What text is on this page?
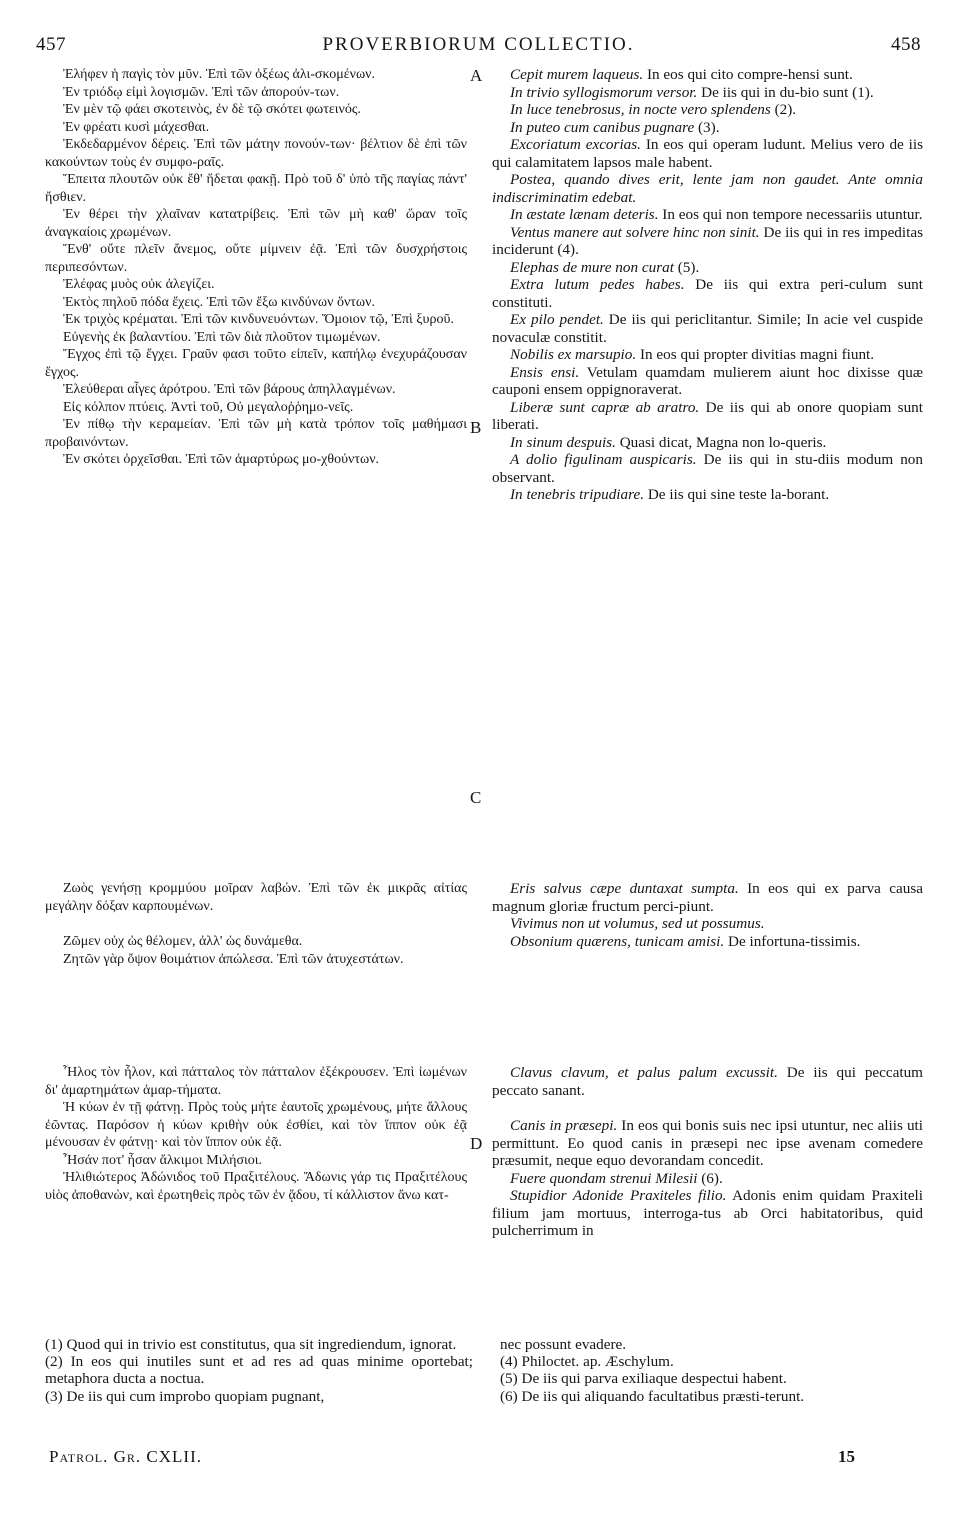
457	PROVERBIORUM COLLECTIO.	458

Ἐλήφεν ἡ παγὶς τὸν μῦν. Ἐπὶ τῶν ὀξέως ἀλι-σκομένων.

Ἐν τριόδῳ εἰμὶ λογισμῶν. Ἐπὶ τῶν ἀπορούν-των.

Ἐν μὲν τῷ φάει σκοτεινὸς, ἐν δὲ τῷ σκότει φωτεινός.

Ἐν φρέατι κυσὶ μάχεσθαι.

Ἐκδεδαρμένον δέρεις. Ἐπὶ τῶν μάτην πονούν-των· βέλτιον δὲ ἐπὶ τῶν κακούντων τοὺς ἐν συμφο-ραῖς.

Ἔπειτα πλουτῶν οὐκ ἔθ' ἥδεται φακῇ. Πρὸ τοῦ δ' ὑπὸ τῆς παγίας πάντ' ἤσθιεν.

Ἐν θέρει τὴν χλαῖναν κατατρίβεις. Ἐπὶ τῶν μὴ καθ' ὥραν τοῖς ἀναγκαίοις χρωμένων.

Ἔνθ' οὔτε πλεῖν ἄνεμος, οὔτε μίμνειν ἐᾷ. Ἐπὶ τῶν δυσχρήστοις περιπεσόντων.

Ἐλέφας μυὸς οὐκ ἀλεγίζει.

Ἐκτὸς πηλοῦ πόδα ἔχεις. Ἐπὶ τῶν ἔξω κινδύνων ὄντων.

Ἐκ τριχὸς κρέμαται. Ἐπὶ τῶν κινδυνευόντων. Ὅμοιον τῷ, Ἐπὶ ξυροῦ.

Εὐγενὴς ἐκ βαλαντίου. Ἐπὶ τῶν διὰ πλοῦτον τιμωμένων.

Ἔγχος ἐπὶ τῷ ἔγχει. Γραῦν φασι τοῦτο εἰπεῖν, καπήλῳ ἐνεχυράζουσαν ἔγχος.

Ἐλεύθεραι αἶγες ἀρότρου. Ἐπὶ τῶν βάρους ἀπηλλαγμένων.

Εἰς κόλπον πτύεις. Ἀντὶ τοῦ, Οὐ μεγαλοῤῥημο-νεῖς.

Ἐν πίθῳ τὴν κεραμείαν. Ἐπὶ τῶν μὴ κατὰ τρόπον τοῖς μαθήμασι προβαινόντων.

Ἐν σκότει ὀρχεῖσθαι. Ἐπὶ τῶν ἀμαρτύρως μο-χθούντων.

Cepit murem laqueus. In eos qui cito compre-hensi sunt.

In trivio syllogismorum versor. De iis qui in du-bio sunt (1).

In luce tenebrosus, in nocte vero splendens (2).

In puteo cum canibus pugnare (3).

Excoriatum excorias. In eos qui operam ludunt. Melius vero de iis qui calamitatem lapsos male habent.

Postea, quando dives erit, lente jam non gaudet. Ante omnia indiscriminatim edebat.

In æstate lænam deteris. In eos qui non tempore necessariis utuntur.

Ventus manere aut solvere hinc non sinit. De iis qui in res impeditas inciderunt (4).

Elephas de mure non curat (5).

Extra lutum pedes habes. De iis qui extra peri-culum sunt constituti.

Ex pilo pendet. De iis qui periclitantur. Simile; In acie vel cuspide novaculæ constitit.

Nobilis ex marsupio. In eos qui propter divitias magni fiunt.

Ensis ensi. Vetulam quamdam mulierem aiunt hoc dixisse quæ cauponi ensem oppignoraverat.

Liberæ sunt capræ ab aratro. De iis qui ab onore quopiam sunt liberati.

In sinum despuis. Quasi dicat, Magna non lo-queris.

A dolio figulinam auspicaris. De iis qui in stu-diis modum non observant.

In tenebris tripudiare. De iis qui sine teste la-borant.

A
B
C
D

Ζωὸς γενήσῃ κρομμύου μοῖραν λαβών. Ἐπὶ τῶν ἐκ μικρᾶς αἰτίας μεγάλην δόξαν καρπουμένων.

Ζῶμεν οὐχ ὡς θέλομεν, ἀλλ' ὡς δυνάμεθα.

Ζητῶν γὰρ ὄψον θοιμάτιον ἀπώλεσα. Ἐπὶ τῶν ἀτυχεστάτων.

Eris salvus cæpe duntaxat sumpta. In eos qui ex parva causa magnum gloriæ fructum perci-piunt.

Vivimus non ut volumus, sed ut possumus.

Obsonium quærens, tunicam amisi. De infortuna-tissimis.

Ἧλος τὸν ἧλον, καὶ πάτταλος τὸν πάτταλον ἐξέκρουσεν. Ἐπὶ ἰωμένων δι' ἁμαρτημάτων ἁμαρ-τήματα.

Ἡ κύων ἐν τῇ φάτνῃ. Πρὸς τοὺς μήτε ἑαυτοῖς χρωμένους, μήτε ἄλλους ἐῶντας. Παρόσον ἡ κύων κριθὴν οὐκ ἐσθίει, καὶ τὸν ἵππον οὐκ ἐᾷ μένουσαν ἐν φάτνῃ· καὶ τὸν ἵππον οὐκ ἐᾷ.

Ἦσάν ποτ' ἦσαν ἄλκιμοι Μιλήσιοι.

Ἠλιθιώτερος Ἀδώνιδος τοῦ Πραξιτέλους. Ἄδωνις γάρ τις Πραξιτέλους υἱὸς ἀποθανὼν, καὶ ἐρωτηθεὶς πρὸς τῶν ἐν ᾅδου, τί κάλλιστον ἄνω κατ-

Clavus clavum, et palus palum excussit. De iis qui peccatum peccato sanant.

Canis in præsepi. In eos qui bonis suis nec ipsi utuntur, nec aliis uti permittunt. Eo quod canis in præsepi nec ipse avenam comedere præsumit, neque equo devorandam concedit.

Fuere quondam strenui Milesii (6).

Stupidior Adonide Praxiteles filio. Adonis enim quidam Praxiteli filium jam mortuus, interroga-tus ab Orci habitatoribus, quid pulcherrimum in

(1) Quod qui in trivio est constitutus, qua sit ingrediendum, ignorat.

(2) In eos qui inutiles sunt et ad res ad quas minime oportebat; metaphora ducta a noctua.

(3) De iis qui cum improbo quopiam pugnant,

nec possunt evadere.

(4) Philoctet. ap. Æschylum.

(5) De iis qui parva exiliaque despectui habent.

(6) De iis qui aliquando facultatibus præsti-terunt.

Patrol. Gr. CXLII.	15
